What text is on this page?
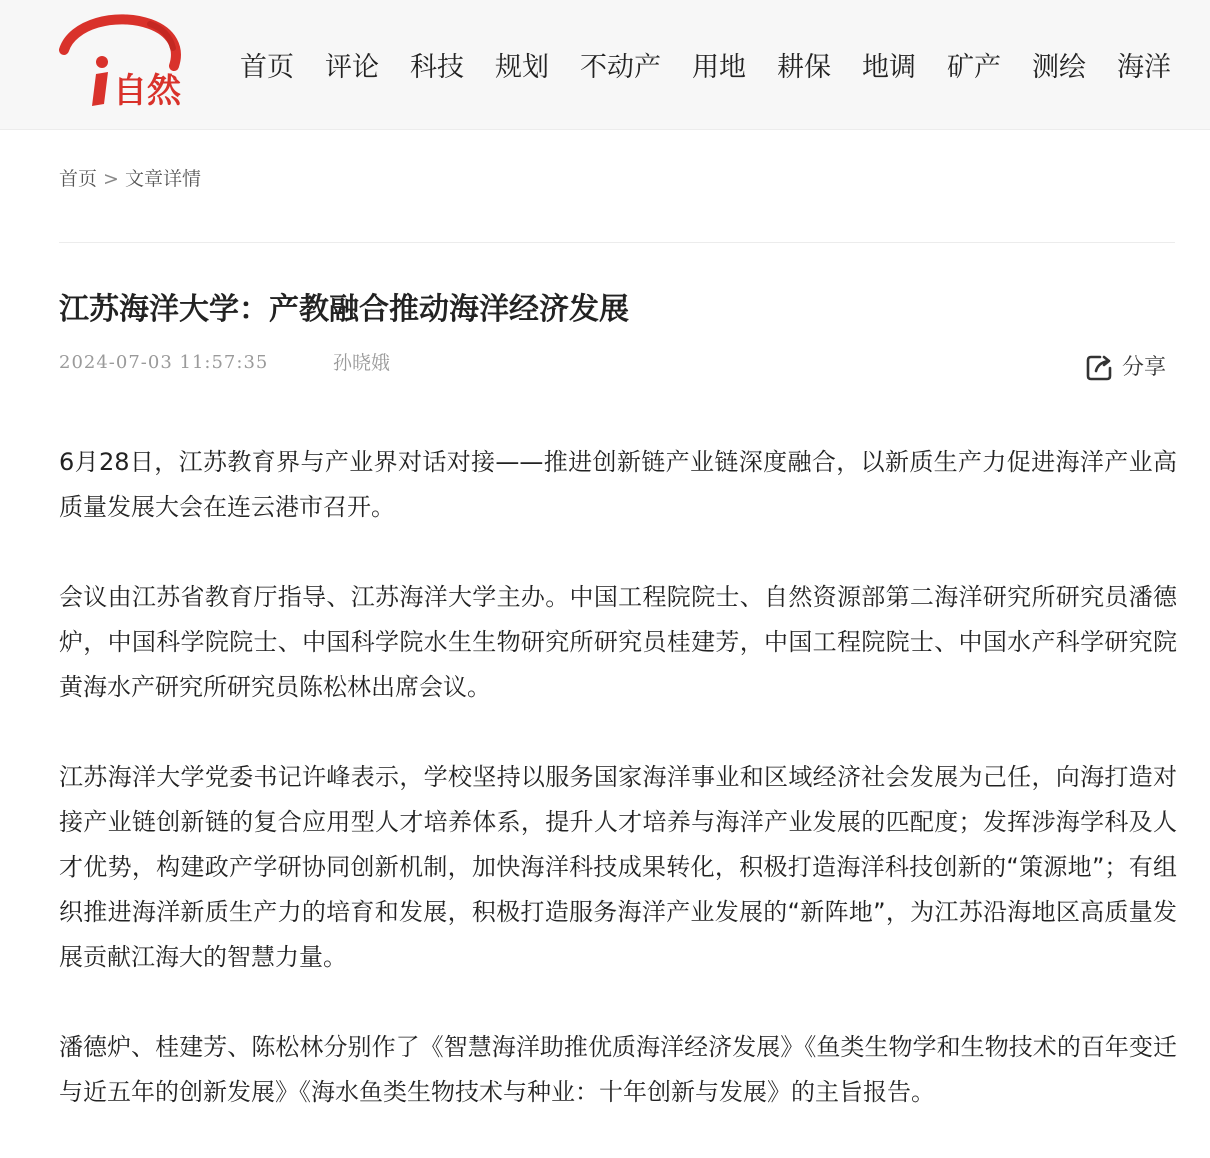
自然
首页 评论 科技 规划 不动产 用地 耕保 地调 矿产 测绘 海洋
首页 > 文章详情
江苏海洋大学：产教融合推动海洋经济发展
2024-07-03 11:57:35	孙晓娥	分享

6月28日，江苏教育界与产业界对话对接——推进创新链产业链深度融合，以新质生产力促进海洋产业高质量发展大会在连云港市召开。

会议由江苏省教育厅指导、江苏海洋大学主办。中国工程院院士、自然资源部第二海洋研究所研究员潘德炉，中国科学院院士、中国科学院水生生物研究所研究员桂建芳，中国工程院院士、中国水产科学研究院黄海水产研究所研究员陈松林出席会议。

江苏海洋大学党委书记许峰表示，学校坚持以服务国家海洋事业和区域经济社会发展为己任，向海打造对接产业链创新链的复合应用型人才培养体系，提升人才培养与海洋产业发展的匹配度；发挥涉海学科及人才优势，构建政产学研协同创新机制，加快海洋科技成果转化，积极打造海洋科技创新的“策源地”；有组织推进海洋新质生产力的培育和发展，积极打造服务海洋产业发展的“新阵地”，为江苏沿海地区高质量发展贡献江海大的智慧力量。

潘德炉、桂建芳、陈松林分别作了《智慧海洋助推优质海洋经济发展》《鱼类生物学和生物技术的百年变迁与近五年的创新发展》《海水鱼类生物技术与种业：十年创新与发展》的主旨报告。
